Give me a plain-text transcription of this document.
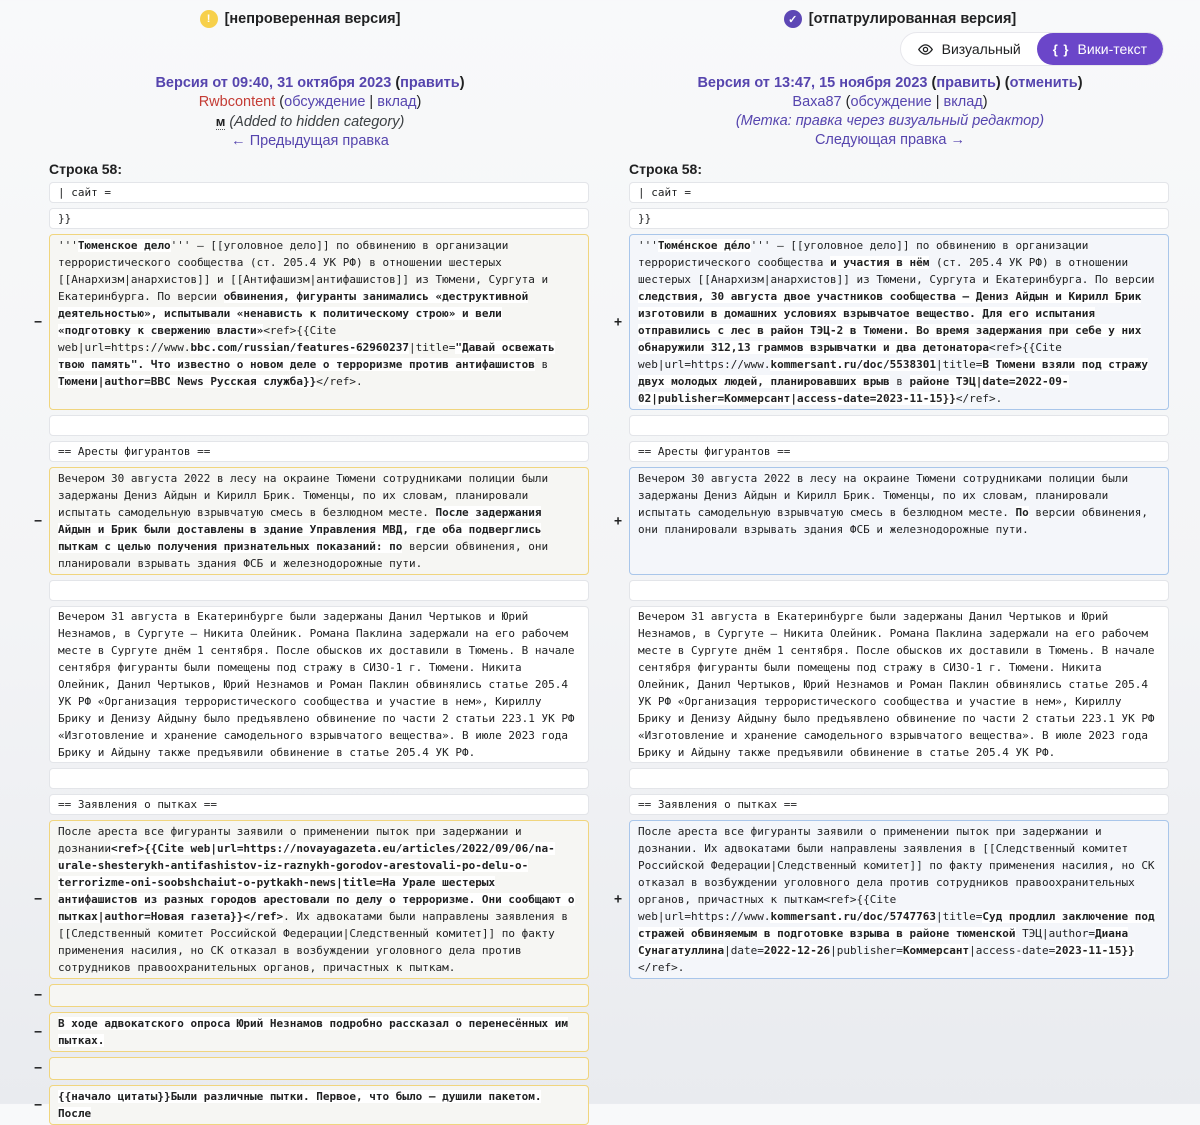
! [непроверенная версия]	✓ [отпатрулированная версия]
Визуальный { } Вики-текст
Версия от 09:40, 31 октября 2023 (править)
Rwbcontent (обсуждение | вклад)
м (Added to hidden category)
← Предыдущая правка
Версия от 13:47, 15 ноября 2023 (править) (отменить)
Baxa87 (обсуждение | вклад)
(Метка: правка через визуальный редактор)
Следующая правка →
Строка 58:	Строка 58:
| сайт =	| сайт =
}}	}}
−
'''Тюменское дело''' — [[уголовное дело]] по обвинению в организации террористического сообщества (ст. 205.4 УК РФ) в отношении шестерых [[Анархизм|анархистов]] и [[Антифашизм|антифашистов]] из Тюмени, Сургута и Екатеринбурга. По версии обвинения, фигуранты занимались «деструктивной деятельностью», испытывали «ненависть к политическому строю» и вели «подготовку к свержению власти»<ref>{{Cite web|url=https://www.bbc.com/russian/features-62960237|title="Давай освежать твою память". Что известно о новом деле о терроризме против антифашистов в Тюмени|author=BBC News Русская служба}}</ref>.
+
'''Тюме́нское де́ло''' — [[уголовное дело]] по обвинению в организации террористического сообщества и участия в нём (ст. 205.4 УК РФ) в отношении шестерых [[Анархизм|анархистов]] из Тюмени, Сургута и Екатеринбурга. По версии следствия, 30 августа двое участников сообщества — Дениз Айдын и Кирилл Брик изготовили в домашних условиях взрывчатое вещество. Для его испытания отправились с лес в район ТЭЦ-2 в Тюмени. Во время задержания при себе у них обнаружили 312,13 граммов взрывчатки и два детонатора<ref>{{Cite web|url=https://www.kommersant.ru/doc/5538301|title=В Тюмени взяли под стражу двух молодых людей, планировавших врыв в районе ТЭЦ|date=2022-09-02|publisher=Коммерсант|access-date=2023-11-15}}</ref>.

== Аресты фигурантов ==	== Аресты фигурантов ==
−
Вечером 30 августа 2022 в лесу на окраине Тюмени сотрудниками полиции были задержаны Дениз Айдын и Кирилл Брик. Тюменцы, по их словам, планировали испытать самодельную взрывчатую смесь в безлюдном месте. После задержания Айдын и Брик были доставлены в здание Управления МВД, где оба подверглись пыткам с целью получения признательных показаний: по версии обвинения, они планировали взрывать здания ФСБ и железнодорожные пути.
+
Вечером 30 августа 2022 в лесу на окраине Тюмени сотрудниками полиции были задержаны Дениз Айдын и Кирилл Брик. Тюменцы, по их словам, планировали испытать самодельную взрывчатую смесь в безлюдном месте. По версии обвинения, они планировали взрывать здания ФСБ и железнодорожные пути.

Вечером 31 августа в Екатеринбурге были задержаны Данил Чертыков и Юрий Незнамов, в Сургуте — Никита Олейник. Романа Паклина задержали на его рабочем месте в Сургуте днём 1 сентября. После обысков их доставили в Тюмень. В начале сентября фигуранты были помещены под стражу в СИЗО-1 г. Тюмени. Никита Олейник, Данил Чертыков, Юрий Незнамов и Роман Паклин обвинялись статье 205.4 УК РФ «Организация террористического сообщества и участие в нем», Кириллу Брику и Денизу Айдыну было предъявлено обвинение по части 2 статьи 223.1 УК РФ «Изготовление и хранение самодельного взрывчатого вещества». В июле 2023 года Брику и Айдыну также предъявили обвинение в статье 205.4 УК РФ.
Вечером 31 августа в Екатеринбурге были задержаны Данил Чертыков и Юрий Незнамов, в Сургуте — Никита Олейник. Романа Паклина задержали на его рабочем месте в Сургуте днём 1 сентября. После обысков их доставили в Тюмень. В начале сентября фигуранты были помещены под стражу в СИЗО-1 г. Тюмени. Никита Олейник, Данил Чертыков, Юрий Незнамов и Роман Паклин обвинялись статье 205.4 УК РФ «Организация террористического сообщества и участие в нем», Кириллу Брику и Денизу Айдыну было предъявлено обвинение по части 2 статьи 223.1 УК РФ «Изготовление и хранение самодельного взрывчатого вещества». В июле 2023 года Брику и Айдыну также предъявили обвинение в статье 205.4 УК РФ.

== Заявления о пытках ==	== Заявления о пытках ==
−
После ареста все фигуранты заявили о применении пыток при задержании и дознании<ref>{{Cite web|url=https://novayagazeta.eu/articles/2022/09/06/na-urale-shesterykh-antifashistov-iz-raznykh-gorodov-arestovali-po-delu-o-terrorizme-oni-soobshchaiut-o-pytkakh-news|title=На Урале шестерых антифашистов из разных городов арестовали по делу о терроризме. Они сообщают о пытках|author=Новая газета}}</ref>. Их адвокатами были направлены заявления в [[Следственный комитет Российской Федерации|Следственный комитет]] по факту применения насилия, но СК отказал в возбуждении уголовного дела против сотрудников правоохранительных органов, причастных к пыткам.
+
После ареста все фигуранты заявили о применении пыток при задержании и дознании. Их адвокатами были направлены заявления в [[Следственный комитет Российской Федерации|Следственный комитет]] по факту применения насилия, но СК отказал в возбуждении уголовного дела против сотрудников правоохранительных органов, причастных к пыткам<ref>{{Cite web|url=https://www.kommersant.ru/doc/5747763|title=Суд продлил заключение под стражей обвиняемым в подготовке взрыва в районе тюменской ТЭЦ|author=Диана Сунагатуллина|date=2022-12-26|publisher=Коммерсант|access-date=2023-11-15}}</ref>.
−

−
В ходе адвокатского опроса Юрий Незнамов подробно рассказал о перенесённых им пытках.
−

−
{{начало цитаты}}Были различные пытки. Первое, что было — душили пакетом. После
